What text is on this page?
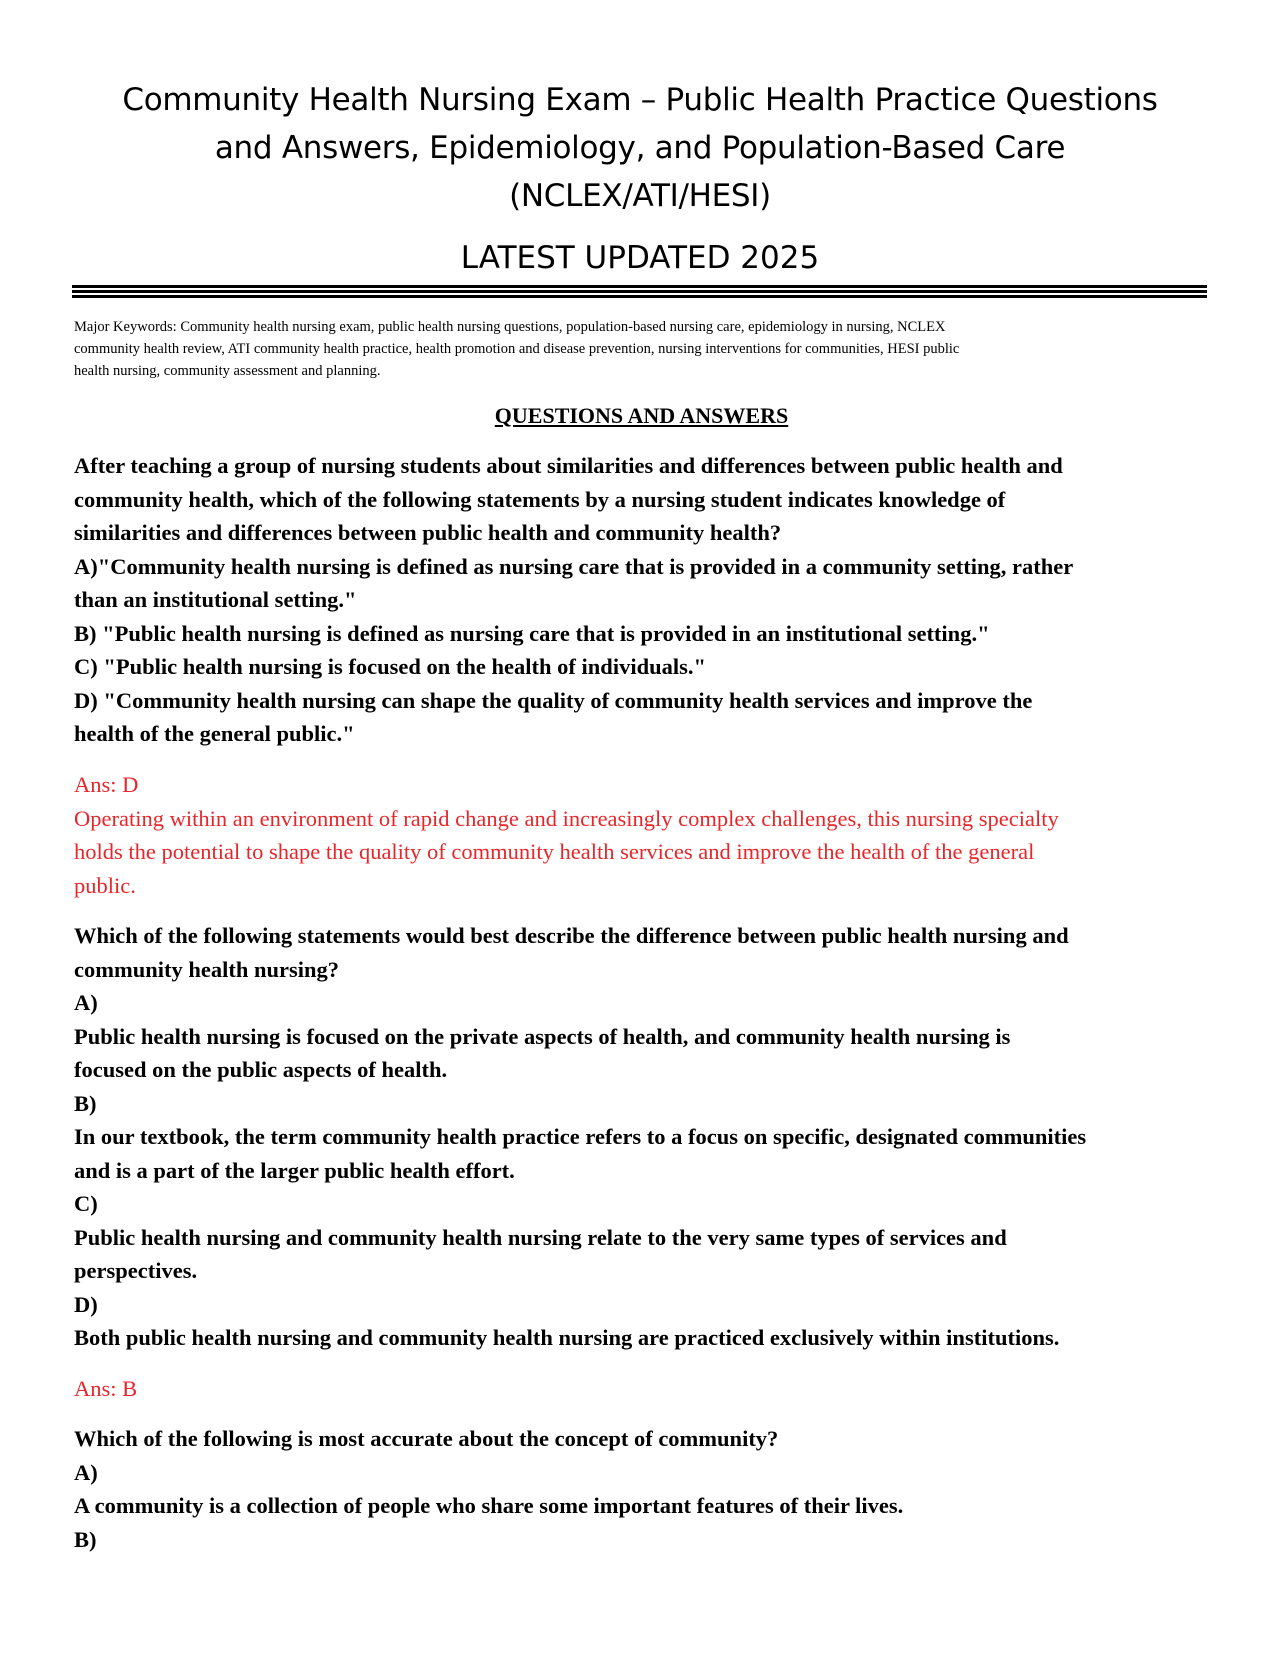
Community Health Nursing Exam – Public Health Practice Questions
and Answers, Epidemiology, and Population-Based Care
(NCLEX/ATI/HESI)
LATEST UPDATED 2025
Major Keywords: Community health nursing exam, public health nursing questions, population-based nursing care, epidemiology in nursing, NCLEX
community health review, ATI community health practice, health promotion and disease prevention, nursing interventions for communities, HESI public
health nursing, community assessment and planning.
QUESTIONS AND ANSWERS
After teaching a group of nursing students about similarities and differences between public health and
community health, which of the following statements by a nursing student indicates knowledge of
similarities and differences between public health and community health?
A)"Community health nursing is defined as nursing care that is provided in a community setting, rather
than an institutional setting."
B) "Public health nursing is defined as nursing care that is provided in an institutional setting."
C) "Public health nursing is focused on the health of individuals."
D) "Community health nursing can shape the quality of community health services and improve the
health of the general public."
Ans: D
Operating within an environment of rapid change and increasingly complex challenges, this nursing specialty
holds the potential to shape the quality of community health services and improve the health of the general
public.
Which of the following statements would best describe the difference between public health nursing and
community health nursing?
A)
Public health nursing is focused on the private aspects of health, and community health nursing is
focused on the public aspects of health.
B)
In our textbook, the term community health practice refers to a focus on specific, designated communities
and is a part of the larger public health effort.
C)
Public health nursing and community health nursing relate to the very same types of services and
perspectives.
D)
Both public health nursing and community health nursing are practiced exclusively within institutions.
Ans: B
Which of the following is most accurate about the concept of community?
A)
A community is a collection of people who share some important features of their lives.
B)
